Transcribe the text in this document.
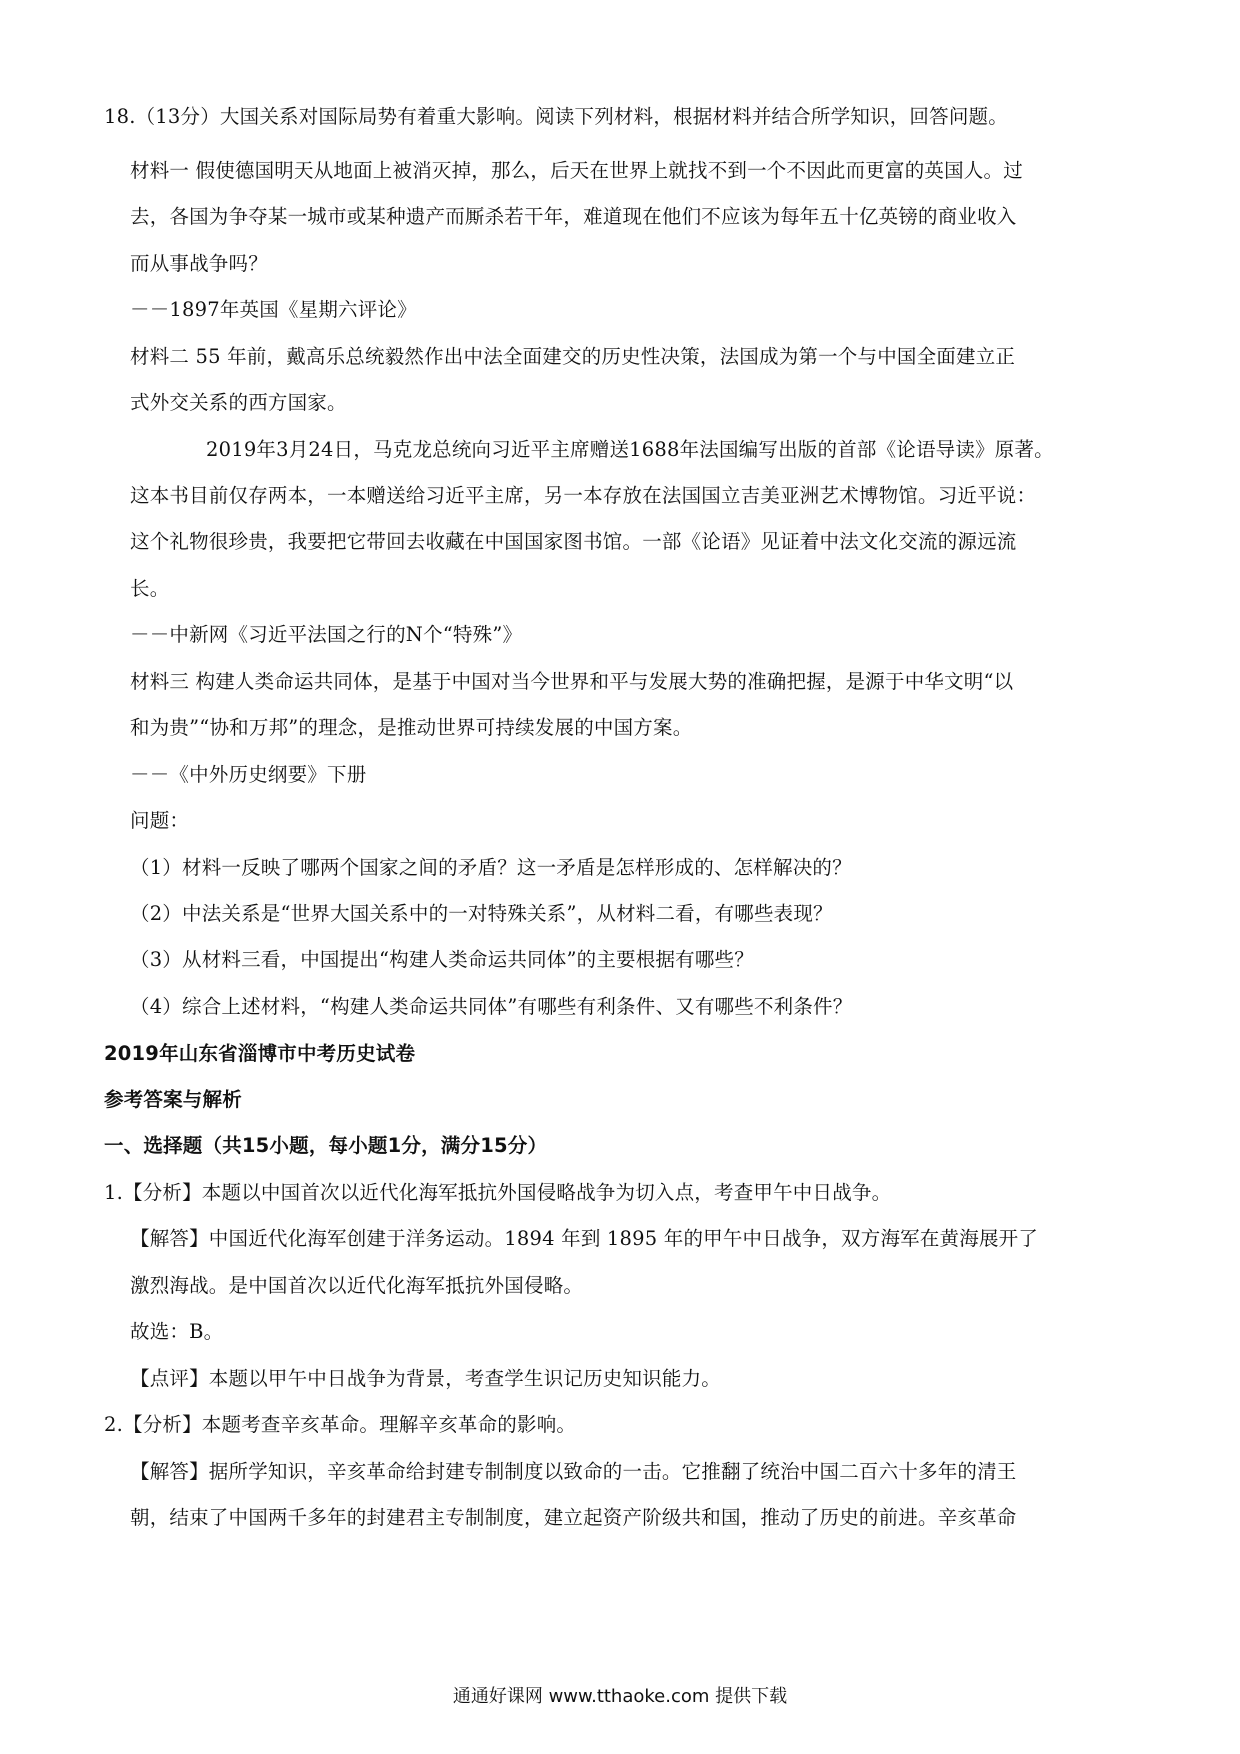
18.（13分）大国关系对国际局势有着重大影响。阅读下列材料，根据材料并结合所学知识，回答问题。
材料一 假使德国明天从地面上被消灭掉，那么，后天在世界上就找不到一个不因此而更富的英国人。过
去，各国为争夺某一城市或某种遗产而厮杀若干年，难道现在他们不应该为每年五十亿英镑的商业收入
而从事战争吗？
－－1897年英国《星期六评论》
材料二 55 年前，戴高乐总统毅然作出中法全面建交的历史性决策，法国成为第一个与中国全面建立正
式外交关系的西方国家。
2019年3月24日，马克龙总统向习近平主席赠送1688年法国编写出版的首部《论语导读》原著。
这本书目前仅存两本，一本赠送给习近平主席，另一本存放在法国国立吉美亚洲艺术博物馆。习近平说：
这个礼物很珍贵，我要把它带回去收藏在中国国家图书馆。一部《论语》见证着中法文化交流的源远流
长。
－－中新网《习近平法国之行的N个“特殊”》
材料三 构建人类命运共同体，是基于中国对当今世界和平与发展大势的准确把握，是源于中华文明“以
和为贵”“协和万邦”的理念，是推动世界可持续发展的中国方案。
－－《中外历史纲要》下册
问题：
（1）材料一反映了哪两个国家之间的矛盾？这一矛盾是怎样形成的、怎样解决的？
（2）中法关系是“世界大国关系中的一对特殊关系”，从材料二看，有哪些表现？
（3）从材料三看，中国提出“构建人类命运共同体”的主要根据有哪些？
（4）综合上述材料，“构建人类命运共同体”有哪些有利条件、又有哪些不利条件？
2019年山东省淄博市中考历史试卷
参考答案与解析
一、选择题（共15小题，每小题1分，满分15分）
1.【分析】本题以中国首次以近代化海军抵抗外国侵略战争为切入点，考查甲午中日战争。
【解答】中国近代化海军创建于洋务运动。1894 年到 1895 年的甲午中日战争，双方海军在黄海展开了
激烈海战。是中国首次以近代化海军抵抗外国侵略。
故选：B。
【点评】本题以甲午中日战争为背景，考查学生识记历史知识能力。
2.【分析】本题考查辛亥革命。理解辛亥革命的影响。
【解答】据所学知识，辛亥革命给封建专制制度以致命的一击。它推翻了统治中国二百六十多年的清王
朝，结束了中国两千多年的封建君主专制制度，建立起资产阶级共和国，推动了历史的前进。辛亥革命
通通好课网 www.tthaoke.com 提供下载
